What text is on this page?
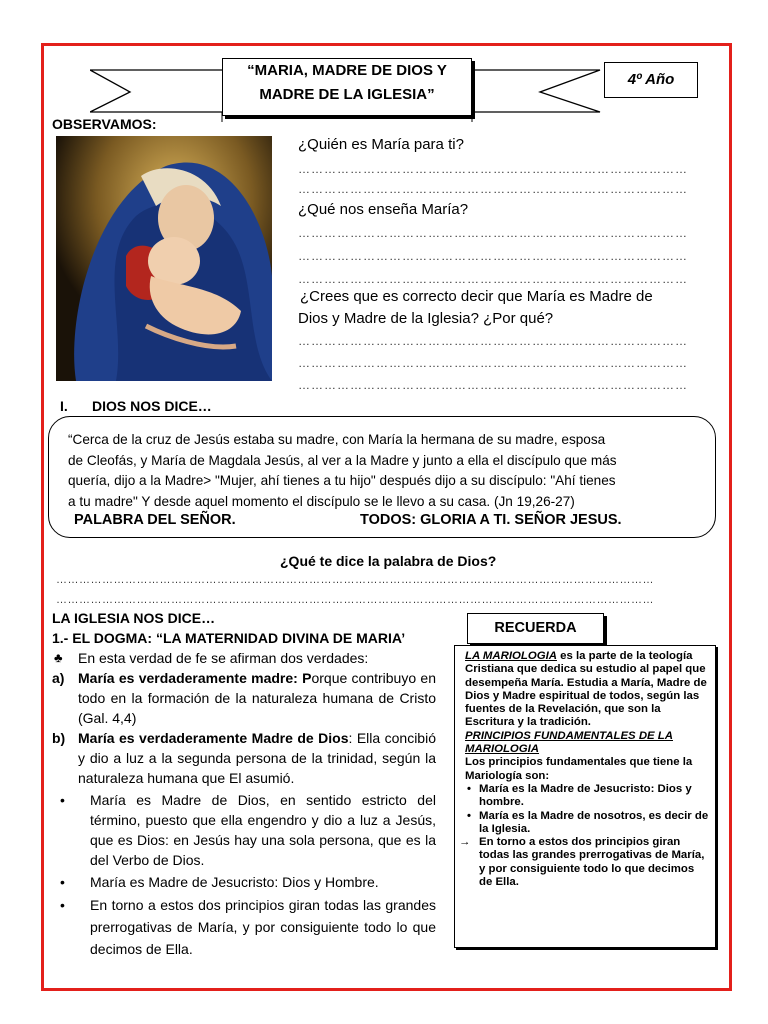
“MARIA, MADRE DE DIOS Y
MADRE DE LA IGLESIA”
4º Año
OBSERVAMOS:
¿Quién es María para ti?
………………………………………………………………………………
………………………………………………………………………………
¿Qué nos enseña María?
………………………………………………………………………………
………………………………………………………………………………
………………………………………………………………………………
¿Crees que es correcto decir que María es Madre de
Dios y Madre de la Iglesia? ¿Por qué?
………………………………………………………………………………
………………………………………………………………………………
………………………………………………………………………………
I. DIOS NOS DICE…
“Cerca de la cruz de Jesús estaba su madre, con María la hermana de su madre, esposa
de Cleofás, y María de Magdala Jesús, al ver a la Madre y junto a ella el discípulo que más
quería, dijo a la Madre> "Mujer, ahí tienes a tu hijo" después dijo a su discípulo: "Ahí tienes
a tu madre" Y desde aquel momento el discípulo se le llevo a su casa. (Jn 19,26-27)
PALABRA DEL SEÑOR.	TODOS: GLORIA A TI. SEÑOR JESUS.
¿Qué te dice la palabra de Dios?
…………………………………………………………………………………………………………………………………………
…………………………………………………………………………………………………………………………………………
LA IGLESIA NOS DICE…
1.- EL DOGMA: “LA MATERNIDAD DIVINA DE MARIA’
♣ En esta verdad de fe se afirman dos verdades:
a) María es verdaderamente madre: Porque contribuyo en todo en la formación de la naturaleza humana de Cristo (Gal. 4,4)
b) María es verdaderamente Madre de Dios: Ella concibió y dio a luz a la segunda persona de la trinidad, según la naturaleza humana que El asumió.
• María es Madre de Dios, en sentido estricto del término, puesto que ella engendro y dio a luz a Jesús, que es Dios: en Jesús hay una sola persona, que es la del Verbo de Dios.
• María es Madre de Jesucristo: Dios y Hombre.
• En torno a estos dos principios giran todas las grandes prerrogativas de María, y por consiguiente todo lo que decimos de Ella.
RECUERDA
LA MARIOLOGIA es la parte de la teología Cristiana que dedica su estudio al papel que desempeña María. Estudia a María, Madre de Dios y Madre espiritual de todos, según las fuentes de la Revelación, que son la Escritura y la tradición.
PRINCIPIOS FUNDAMENTALES DE LA MARIOLOGIA
Los principios fundamentales que tiene la Mariología son:
• María es la Madre de Jesucristo: Dios y hombre.
• María es la Madre de nosotros, es decir de la Iglesia.
→ En torno a estos dos principios giran todas las grandes prerrogativas de María, y por consiguiente todo lo que decimos de Ella.
